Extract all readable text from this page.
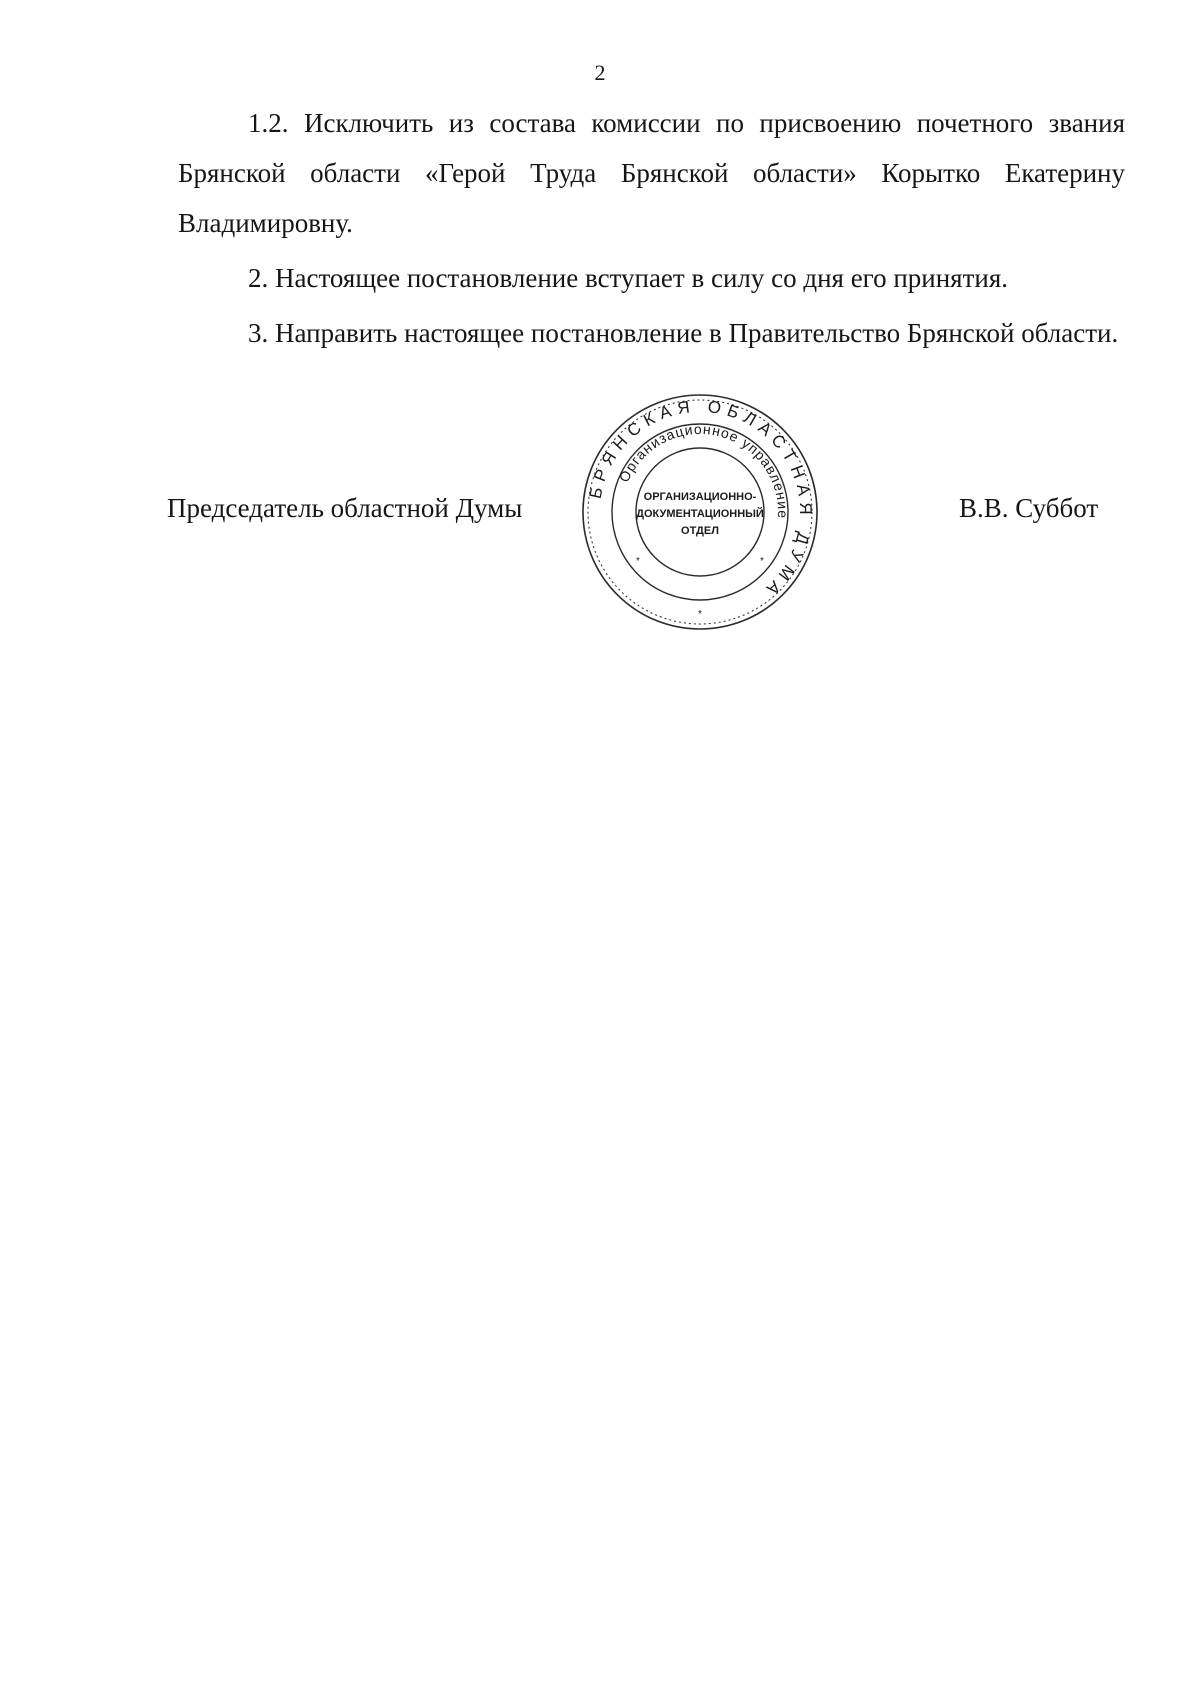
2

1.2. Исключить из состава комиссии по присвоению почетного звания Брянской области «Герой Труда Брянской области» Корытко Екатерину Владимировну.

2. Настоящее постановление вступает в силу со дня его принятия.

3. Направить настоящее постановление в Правительство Брянской области.

Председатель областной Думы
БРЯНСКАЯ ОБЛАСТНАЯ ДУМА
Организационное управление
ОРГАНИЗАЦИОННО-
ДОКУМЕНТАЦИОННЫЙ
ОТДЕЛ
*
*	*
В.В. Суббот
